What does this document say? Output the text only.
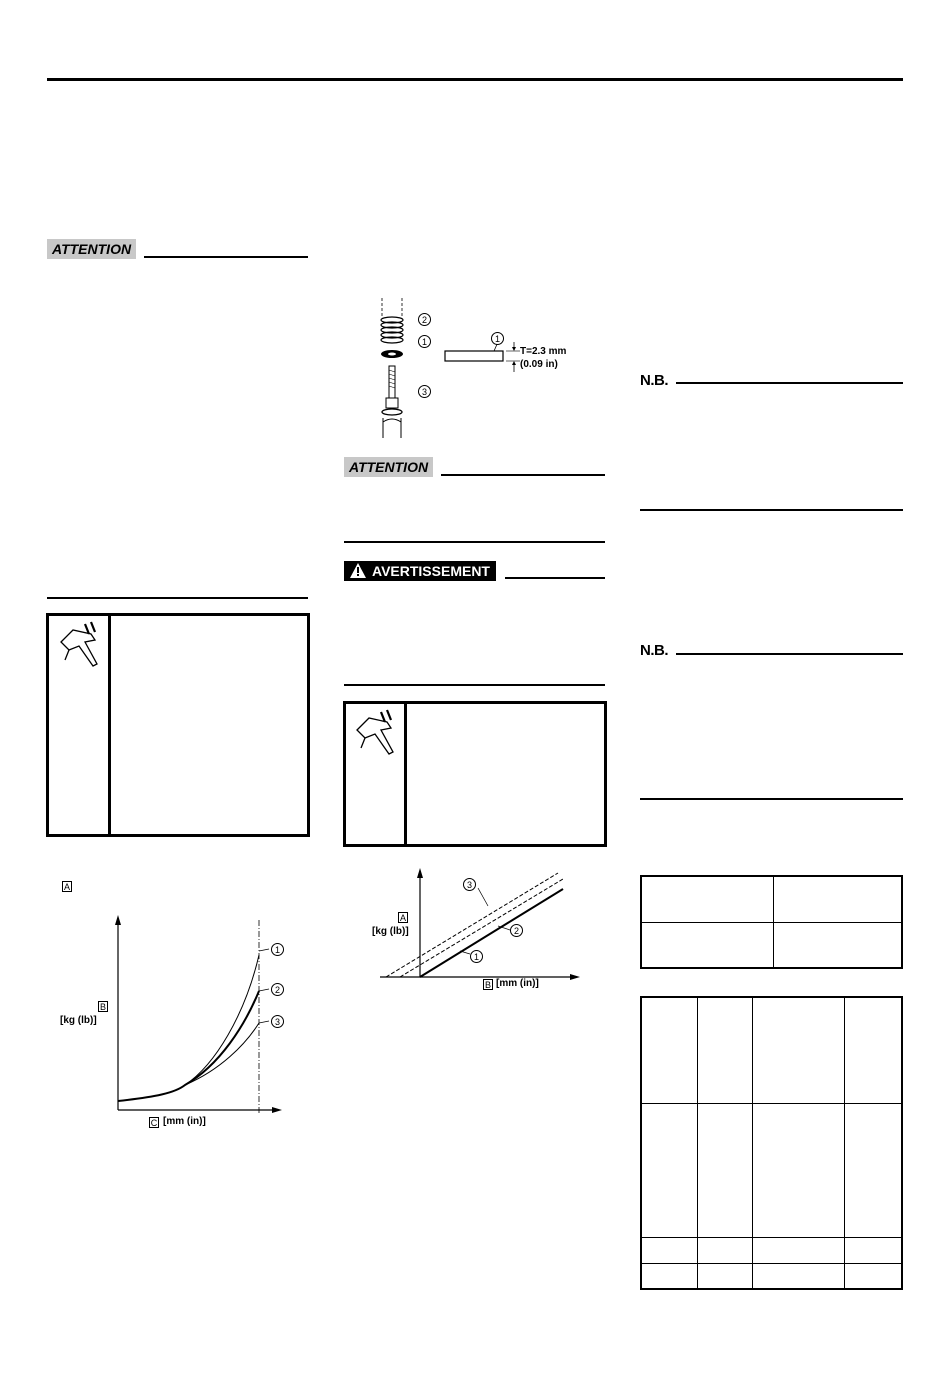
ATTENTION
A
1
2
3
B
[kg (lb)]
C [mm (in)]
2
1
3
1
T=2.3 mm
(0.09 in)
ATTENTION
AVERTISSEMENT
3
2
1
A
[kg (lb)]
B [mm (in)]
N.B.
N.B.
